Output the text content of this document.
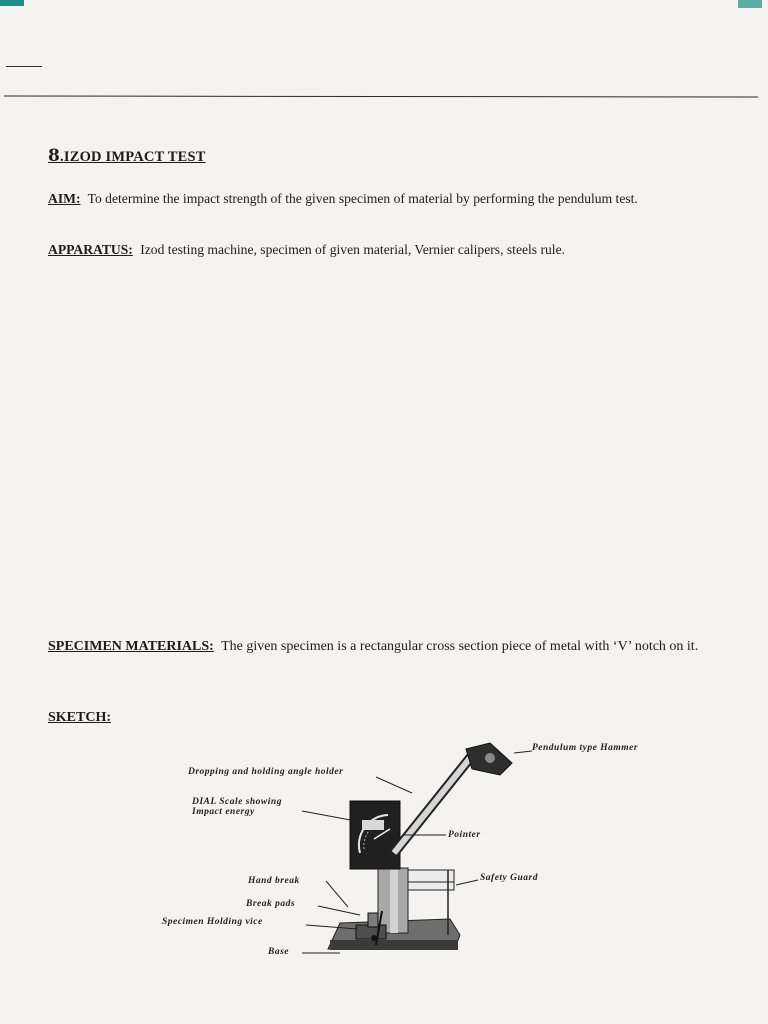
8.IZOD IMPACT TEST
AIM: To determine the impact strength of the given specimen of material by performing the pendulum test.
APPARATUS: Izod testing machine, specimen of given material, Vernier calipers, steels rule.
SPECIMEN MATERIALS: The given specimen is a rectangular cross section piece of metal with ‘V’ notch on it.
SKETCH:
Pendulum type Hammer
Dropping and holding angle holder
DIAL Scale showing
Impact energy
Pointer
Hand break	Safety Guard
Break pads
Specimen Holding vice
Base
